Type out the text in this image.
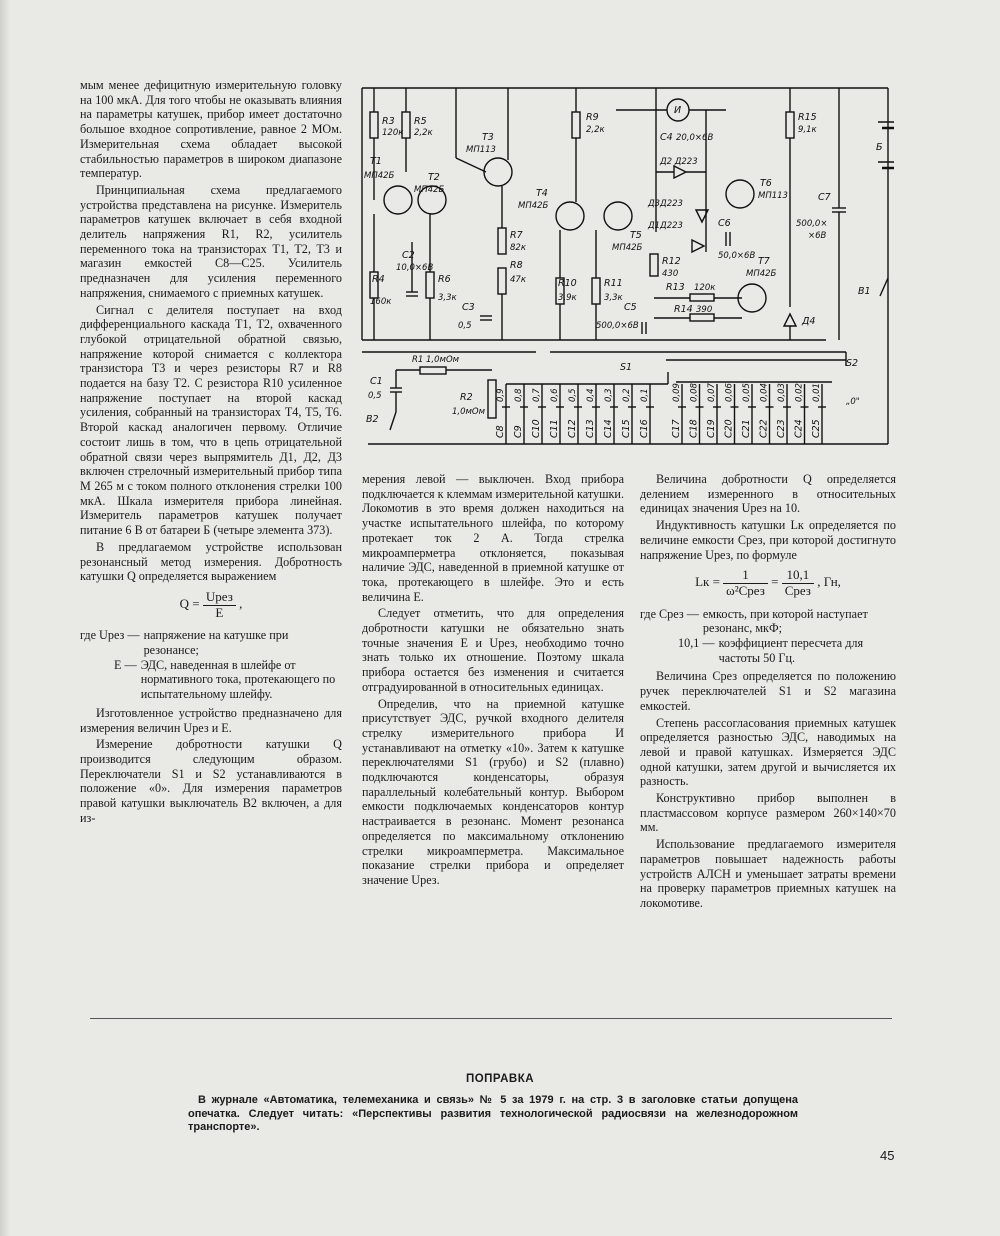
мым менее дефицитную измерительную головку на 100 мкА. Для того чтобы не оказывать влияния на параметры катушек, прибор имеет достаточно большое входное сопротивление, равное 2 МОм. Измерительная схема обладает высокой стабильностью параметров в широком диапазоне температур.

Принципиальная схема предлагаемого устройства представлена на рисунке. Измеритель параметров катушек включает в себя входной делитель напряжения R1, R2, усилитель переменного тока на транзисторах T1, T2, T3 и магазин емкостей C8—C25. Усилитель предназначен для усиления переменного напряжения, снимаемого с приемных катушек.

Сигнал с делителя поступает на вход дифференциального каскада T1, T2, охваченного глубокой отрицательной обратной связью, напряжение которой снимается с коллектора транзистора T3 и через резисторы R7 и R8 подается на базу T2. С резистора R10 усиленное напряжение поступает на второй каскад усиления, собранный на транзисторах T4, T5, T6. Второй каскад аналогичен первому. Отличие состоит лишь в том, что в цепь отрицательной обратной связи через выпрямитель Д1, Д2, Д3 включен стрелочный измерительный прибор типа М 265 м с током полного отклонения стрелки 100 мкА. Шкала измерителя прибора линейная. Измеритель параметров катушек получает питание 6 В от батареи Б (четыре элемента 373).

В предлагаемом устройстве использован резонансный метод измерения. Добротность катушки Q определяется выражением

$Q = \frac{\text{Uрез}}{E}$ ,
где Uрез — напряжение на катушке при резонансе;
E — ЭДС, наведенная в шлейфе от нормативного тока, протекающего по испытательному шлейфу.

Изготовленное устройство предназначено для измерения величин Uрез и E.

Измерение добротности катушки Q производится следующим образом. Переключатели S1 и S2 устанавливаются в положение «0». Для измерения параметров правой катушки выключатель B2 включен, а для из-

0,9
C8
0,8
C9
0,7
C10
0,6
C11
0,5
C12
0,4
C13
0,3
C14
0,2
C15
0,1
C16
0,09
C17
0,08
C18
0,07
C19
0,06
C20
0,05
C21
0,04
C22
0,03
C23
0,02
C24
0,01
C25
R3
120к
R5
2,2к
T1
МП42Б	T2
МП42Б
T3
МП113
T4
МП42Б
T5
МП42Б
T6
МП113
T7
МП42Б
R9
2,2к
R15
9,1к
И
C4 20,0×6В
Д2 Д223
Д3Д223
Д1Д223	C6
50,0×6В
C7
500,0×
×6В
Б
R7
82к
R8
47к
C2
10,0×6В
R4
160к
R6
3,3к
R10
3,9к
R11
3,3к
R12
430
R13 120к
R14 390
C3
0,5
C5
500,0×6В	Д4
B1
B2
R1 1,0мОм
R2
1,0мОм
C1
0,5
S1	S2
„0"

мерения левой — выключен. Вход прибора подключается к клеммам измерительной катушки. Локомотив в это время должен находиться на участке испытательного шлейфа, по которому протекает ток 2 А. Тогда стрелка микроамперметра отклоняется, показывая наличие ЭДС, наведенной в приемной катушке от тока, протекающего в шлейфе. Это и есть величина E.

Следует отметить, что для определения добротности катушки не обязательно знать точные значения E и Uрез, необходимо точно знать только их отношение. Поэтому шкала прибора остается без изменения и считается отградуированной в относительных единицах.

Определив, что на приемной катушке присутствует ЭДС, ручкой входного делителя стрелку измерительного прибора И устанавливают на отметку «10». Затем к катушке переключателями S1 (грубо) и S2 (плавно) подключаются конденсаторы, образуя параллельный колебательный контур. Выбором емкости подключаемых конденсаторов контур настраивается в резонанс. Момент резонанса определяется по максимальному отклонению стрелки микроамперметра. Максимальное показание стрелки прибора и определяет значение Uрез.

Величина добротности Q определяется делением измеренного в относительных единицах значения Uрез на 10.

Индуктивность катушки Lк определяется по величине емкости Cрез, при которой достигнуто напряжение Uрез, по формуле

Lк = $\frac{1}{\text{ω²Cрез}} = \frac{10,1}{\text{Cрез}}$ , Гн,
где Cрез — емкость, при которой наступает резонанс, мкФ;
10,1 — коэффициент пересчета для частоты 50 Гц.

Величина Cрез определяется по положению ручек переключателей S1 и S2 магазина емкостей.

Степень рассогласования приемных катушек определяется разностью ЭДС, наводимых на левой и правой катушках. Измеряется ЭДС одной катушки, затем другой и вычисляется их разность.

Конструктивно прибор выполнен в пластмассовом корпусе размером 260×140×70 мм.

Использование предлагаемого измерителя параметров повышает надежность работы устройств АЛСН и уменьшает затраты времени на проверку параметров приемных катушек на локомотиве.

ПОПРАВКА
В журнале «Автоматика, телемеханика и связь» № 5 за 1979 г. на стр. 3 в заголовке статьи допущена опечатка. Следует читать: «Перспективы развития технологической радиосвязи на железнодорожном транспорте».
45
